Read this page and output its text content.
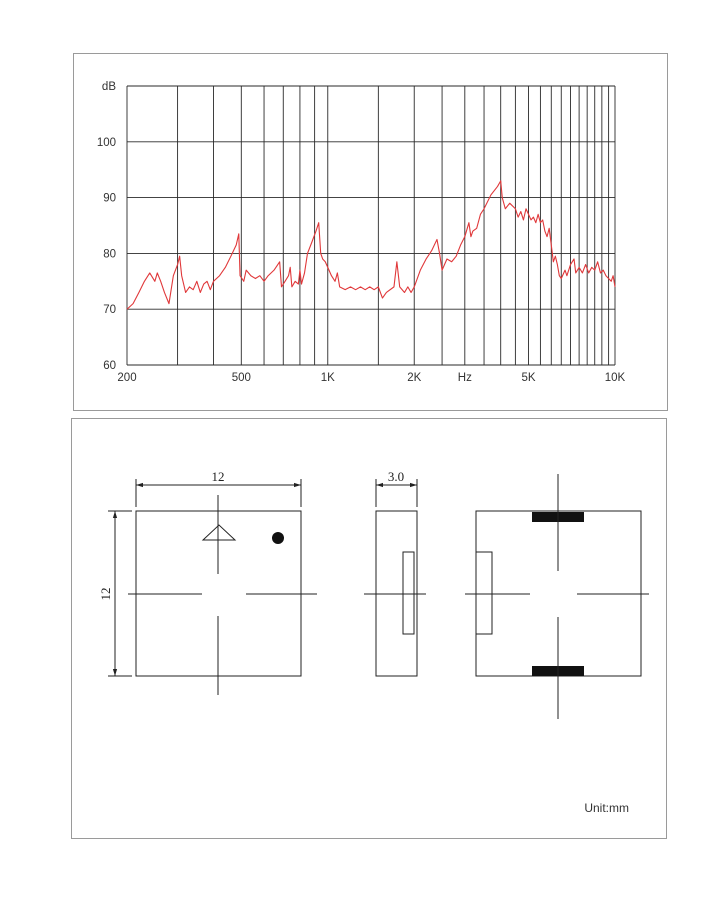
dB
100
90
80
70
60
200	500	1K	2K	Hz	5K	10K
12
12
3.0
Unit:mm
